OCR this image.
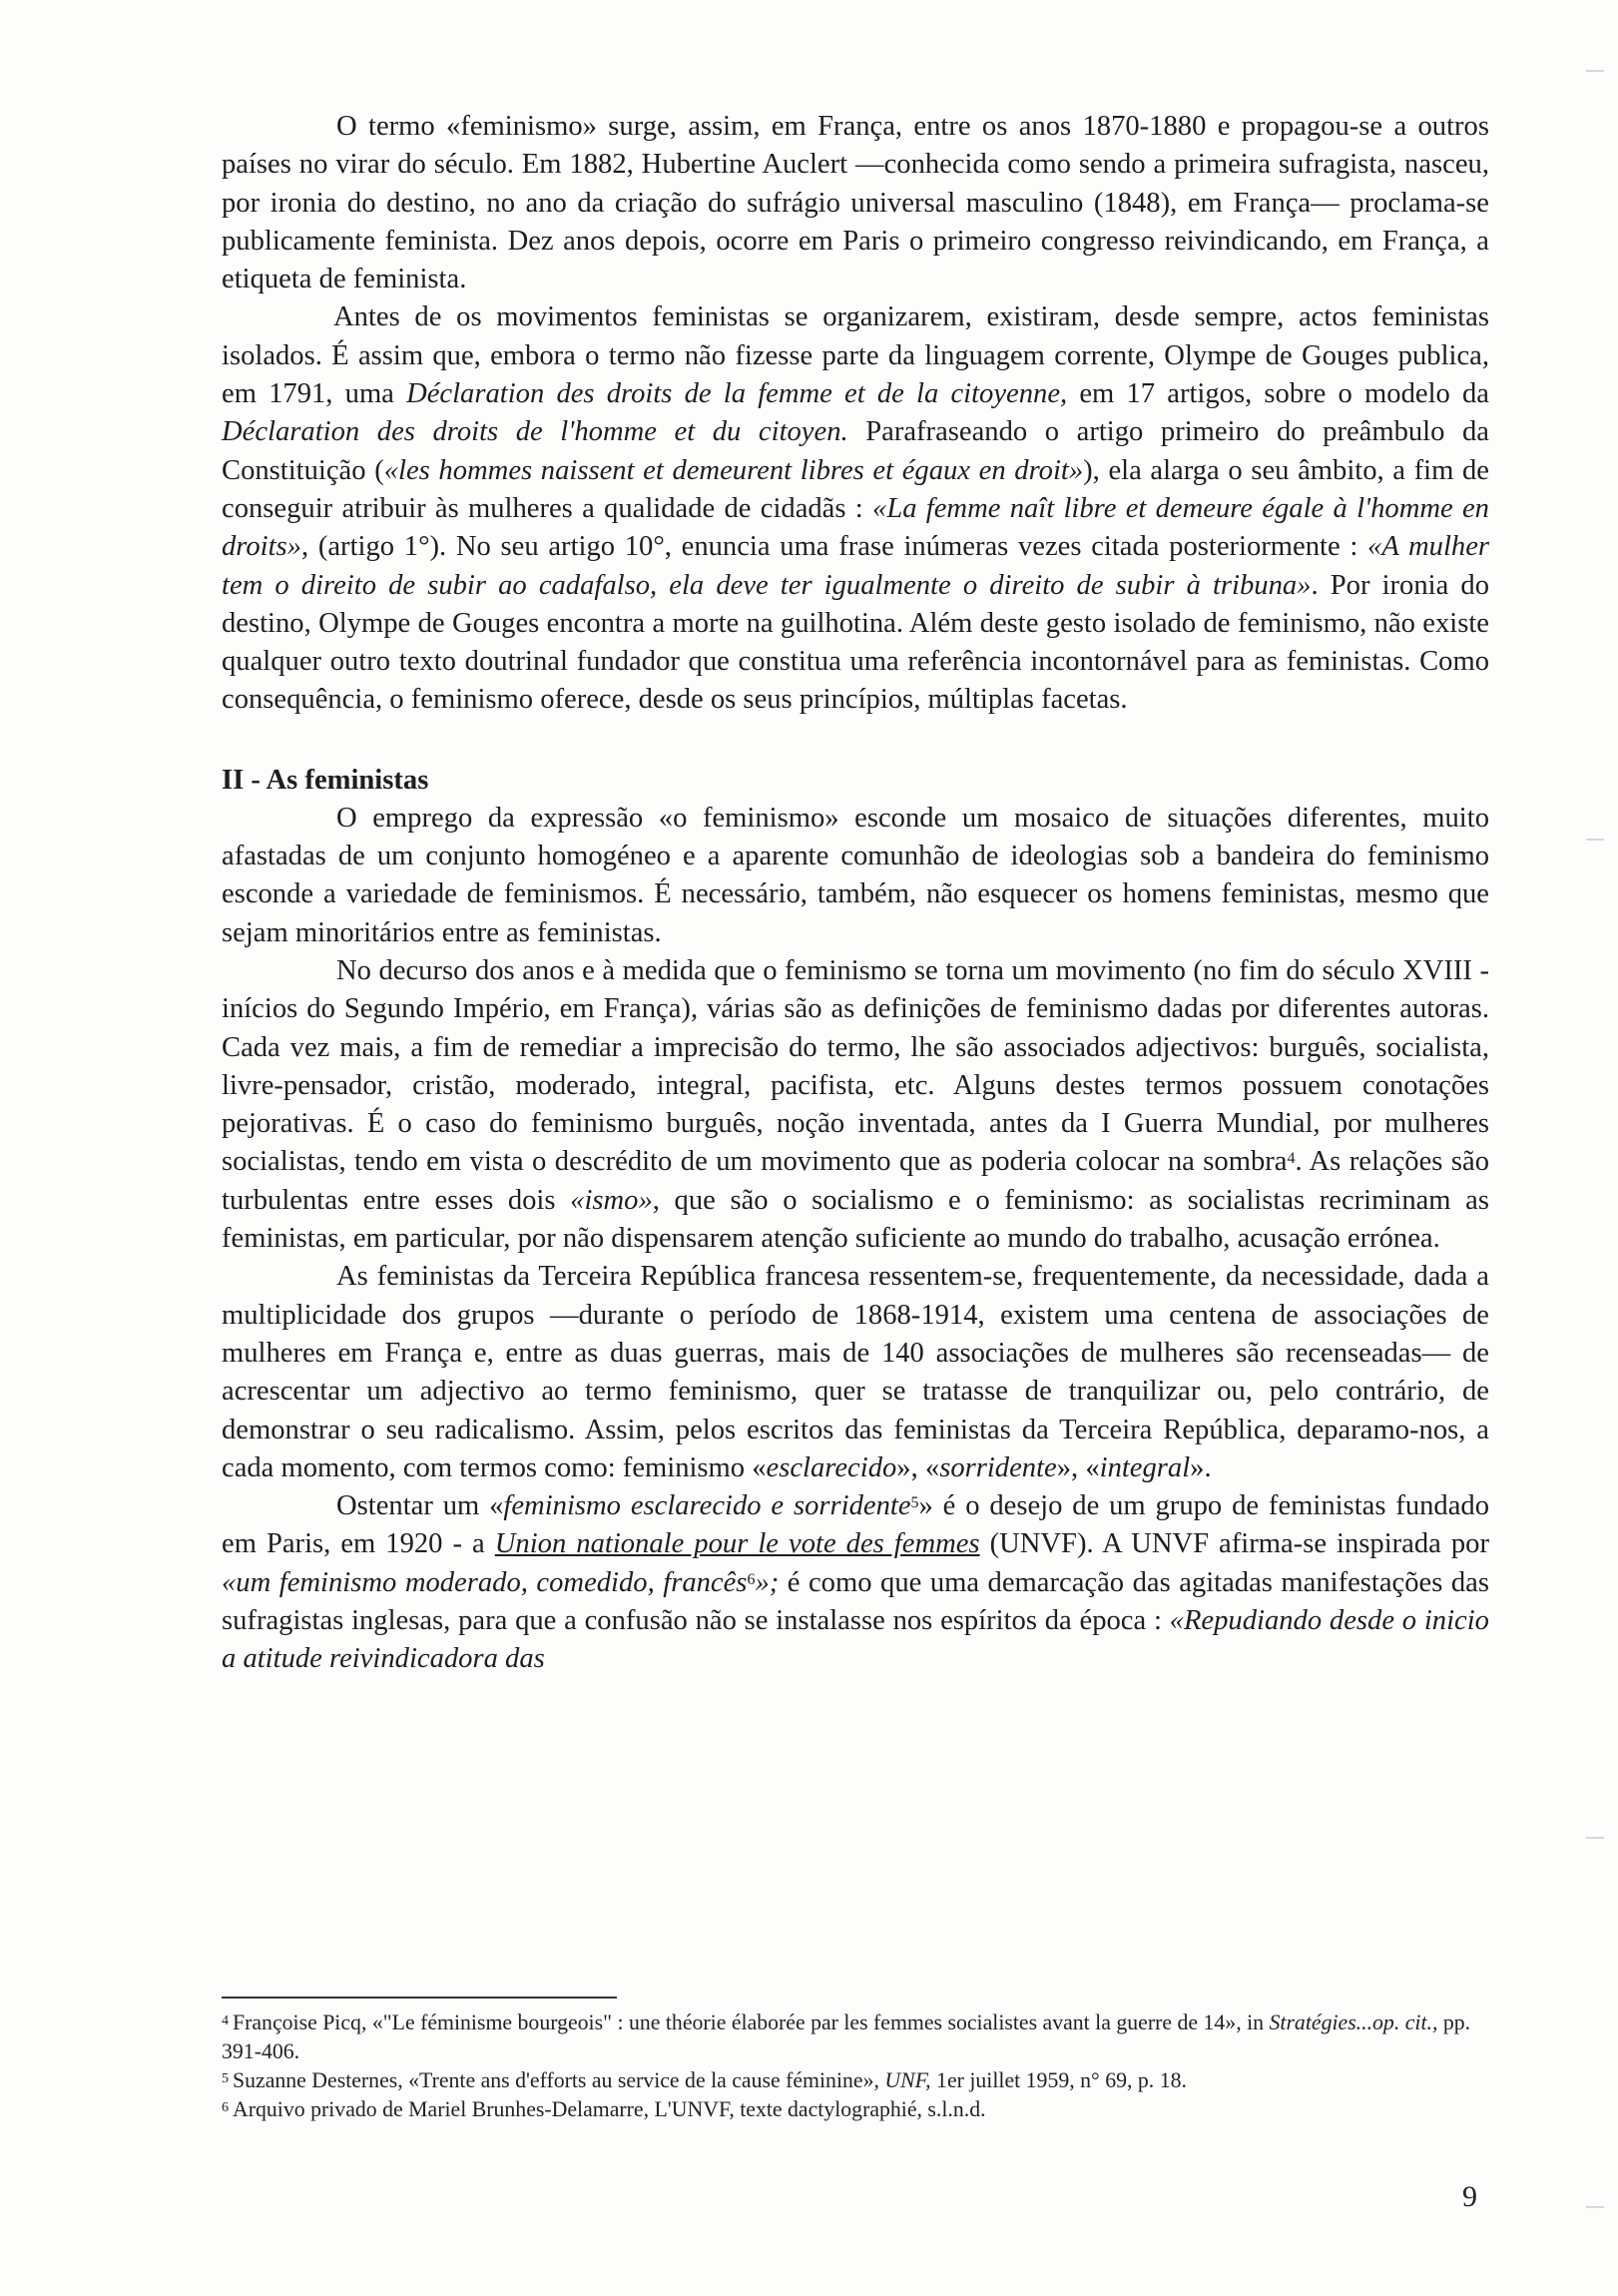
O termo «feminismo» surge, assim, em França, entre os anos 1870-1880 e propagou-se a outros países no virar do século. Em 1882, Hubertine Auclert —conhecida como sendo a primeira sufragista, nasceu, por ironia do destino, no ano da criação do sufrágio universal masculino (1848), em França— proclama-se publicamente feminista. Dez anos depois, ocorre em Paris o primeiro congresso reivindicando, em França, a etiqueta de feminista.

Antes de os movimentos feministas se organizarem, existiram, desde sempre, actos feministas isolados. É assim que, embora o termo não fizesse parte da linguagem corrente, Olympe de Gouges publica, em 1791, uma Déclaration des droits de la femme et de la citoyenne, em 17 artigos, sobre o modelo da Déclaration des droits de l'homme et du citoyen. Parafraseando o artigo primeiro do preâmbulo da Constituição («les hommes naissent et demeurent libres et égaux en droit»), ela alarga o seu âmbito, a fim de conseguir atribuir às mulheres a qualidade de cidadãs : «La femme naît libre et demeure égale à l'homme en droits», (artigo 1°). No seu artigo 10°, enuncia uma frase inúmeras vezes citada posteriormente : «A mulher tem o direito de subir ao cadafalso, ela deve ter igualmente o direito de subir à tribuna». Por ironia do destino, Olympe de Gouges encontra a morte na guilhotina. Além deste gesto isolado de feminismo, não existe qualquer outro texto doutrinal fundador que constitua uma referência incontornável para as feministas. Como consequência, o feminismo oferece, desde os seus princípios, múltiplas facetas.

II - As feministas

O emprego da expressão «o feminismo» esconde um mosaico de situações diferentes, muito afastadas de um conjunto homogéneo e a aparente comunhão de ideologias sob a bandeira do feminismo esconde a variedade de feminismos. É necessário, também, não esquecer os homens feministas, mesmo que sejam minoritários entre as feministas.

No decurso dos anos e à medida que o feminismo se torna um movimento (no fim do século XVIII - inícios do Segundo Império, em França), várias são as definições de feminismo dadas por diferentes autoras. Cada vez mais, a fim de remediar a imprecisão do termo, lhe são associados adjectivos: burguês, socialista, livre-pensador, cristão, moderado, integral, pacifista, etc. Alguns destes termos possuem conotações pejorativas. É o caso do feminismo burguês, noção inventada, antes da I Guerra Mundial, por mulheres socialistas, tendo em vista o descrédito de um movimento que as poderia colocar na sombra$^4$. As relações são turbulentas entre esses dois «ismo», que são o socialismo e o feminismo: as socialistas recriminam as feministas, em particular, por não dispensarem atenção suficiente ao mundo do trabalho, acusação errónea.

As feministas da Terceira República francesa ressentem-se, frequentemente, da necessidade, dada a multiplicidade dos grupos —durante o período de 1868-1914, existem uma centena de associações de mulheres em França e, entre as duas guerras, mais de 140 associações de mulheres são recenseadas— de acrescentar um adjectivo ao termo feminismo, quer se tratasse de tranquilizar ou, pelo contrário, de demonstrar o seu radicalismo. Assim, pelos escritos das feministas da Terceira República, deparamo-nos, a cada momento, com termos como: feminismo «esclarecido», «sorridente», «integral».

Ostentar um «feminismo esclarecido e sorridente$^5$» é o desejo de um grupo de feministas fundado em Paris, em 1920 - a Union nationale pour le vote des femmes (UNVF). A UNVF afirma-se inspirada por «um feminismo moderado, comedido, francês$^6$»; é como que uma demarcação das agitadas manifestações das sufragistas inglesas, para que a confusão não se instalasse nos espíritos da época : «Repudiando desde o inicio a atitude reivindicadora das

$^4$ Françoise Picq, «"Le féminisme bourgeois" : une théorie élaborée par les femmes socialistes avant la guerre de 14», in Stratégies...op. cit., pp. 391-406.

$^5$ Suzanne Desternes, «Trente ans d'efforts au service de la cause féminine», UNF, 1er juillet 1959, n° 69, p. 18.

$^6$ Arquivo privado de Mariel Brunhes-Delamarre, L'UNVF, texte dactylographié, s.l.n.d.

9
